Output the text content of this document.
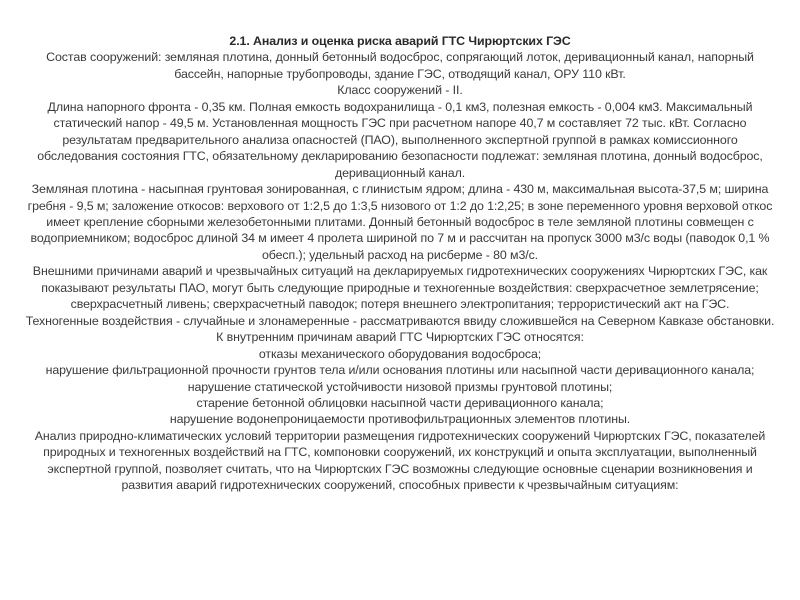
2.1. Анализ и оценка риска аварий ГТС Чирюртских ГЭС

Состав сооружений: земляная плотина, донный бетонный водосброс, сопрягающий лоток, деривационный канал, напорный бассейн, напорные трубопроводы, здание ГЭС, отводящий канал, ОРУ 110 кВт.

Класс сооружений - II.

Длина напорного фронта - 0,35 км. Полная емкость водохранилища - 0,1 км3, полезная емкость - 0,004 км3. Максимальный статический напор - 49,5 м. Установленная мощность ГЭС при расчетном напоре 40,7 м составляет 72 тыс. кВт. Согласно результатам предварительного анализа опасностей (ПАО), выполненного экспертной группой в рамках комиссионного обследования состояния ГТС, обязательному декларированию безопасности подлежат: земляная плотина, донный водосброс, деривационный канал.

Земляная плотина - насыпная грунтовая зонированная, с глинистым ядром; длина - 430 м, максимальная высота-37,5 м; ширина гребня - 9,5 м; заложение откосов: верхового от 1:2,5 до 1:3,5 низового от 1:2 до 1:2,25; в зоне переменного уровня верховой откос имеет крепление сборными железобетонными плитами. Донный бетонный водосброс в теле земляной плотины совмещен с водоприемником; водосброс длиной 34 м имеет 4 пролета шириной по 7 м и рассчитан на пропуск 3000 м3/с воды (паводок 0,1 % обесп.); удельный расход на рисберме - 80 м3/с.

Внешними причинами аварий и чрезвычайных ситуаций на декларируемых гидротехнических сооружениях Чирюртских ГЭС, как показывают результаты ПАО, могут быть следующие природные и техногенные воздействия: сверхрасчетное землетрясение; сверхрасчетный ливень; сверхрасчетный паводок; потеря внешнего электропитания; террористический акт на ГЭС.

Техногенные воздействия - случайные и злонамеренные - рассматриваются ввиду сложившейся на Северном Кавказе обстановки.

К внутренним причинам аварий ГТС Чирюртских ГЭС относятся:

отказы механического оборудования водосброса;

нарушение фильтрационной прочности грунтов тела и/или основания плотины или насыпной части деривационного канала;

нарушение статической устойчивости низовой призмы грунтовой плотины;

старение бетонной облицовки насыпной части деривационного канала;

нарушение водонепроницаемости противофильтрационных элементов плотины.

Анализ природно-климатических условий территории размещения гидротехнических сооружений Чирюртских ГЭС, показателей природных и техногенных воздействий на ГТС, компоновки сооружений, их конструкций и опыта эксплуатации, выполненный экспертной группой, позволяет считать, что на Чирюртских ГЭС возможны следующие основные сценарии возникновения и развития аварий гидротехнических сооружений, способных привести к чрезвычайным ситуациям:
